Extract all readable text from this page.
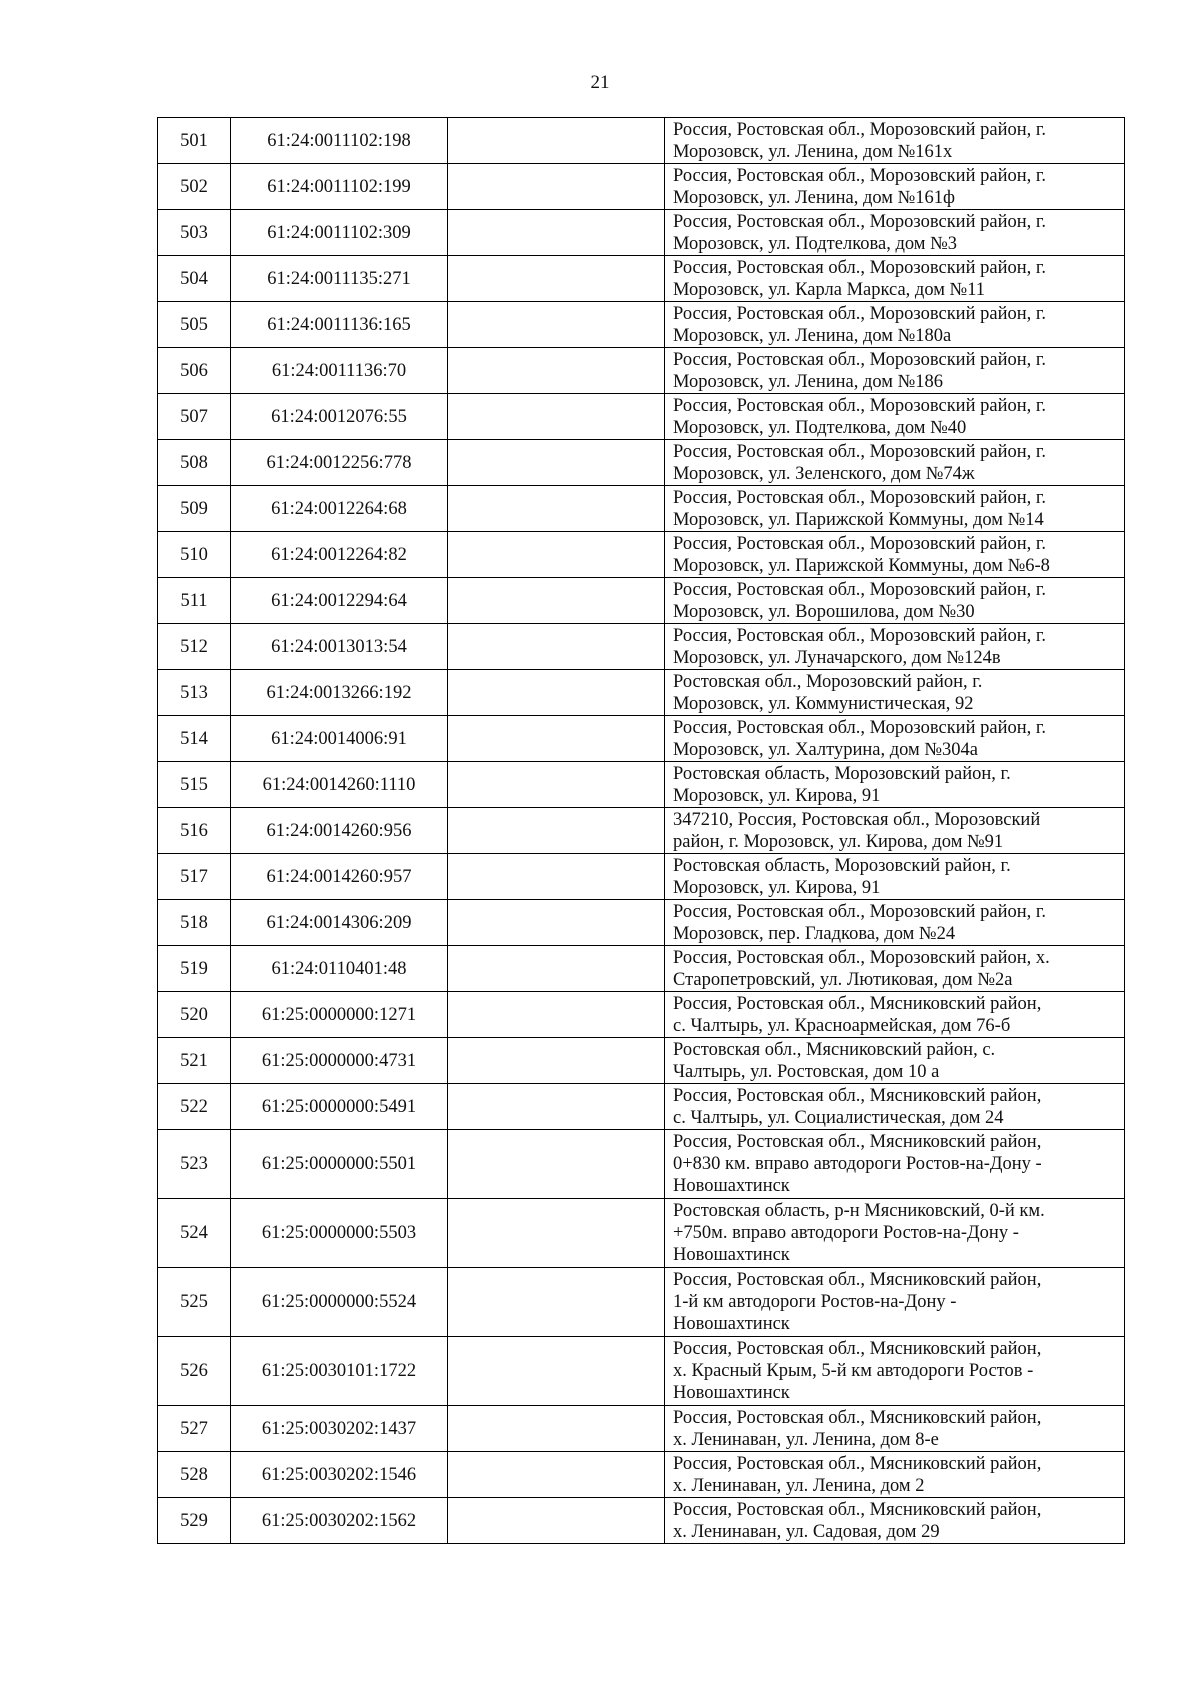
21
501	61:24:0011102:198		Россия, Ростовская обл., Морозовский район, г.
Морозовск, ул. Ленина, дом №161х

502	61:24:0011102:199		Россия, Ростовская обл., Морозовский район, г.
Морозовск, ул. Ленина, дом №161ф

503	61:24:0011102:309		Россия, Ростовская обл., Морозовский район, г.
Морозовск, ул. Подтелкова, дом №3

504	61:24:0011135:271		Россия, Ростовская обл., Морозовский район, г.
Морозовск, ул. Карла Маркса, дом №11

505	61:24:0011136:165		Россия, Ростовская обл., Морозовский район, г.
Морозовск, ул. Ленина, дом №180а

506	61:24:0011136:70		Россия, Ростовская обл., Морозовский район, г.
Морозовск, ул. Ленина, дом №186

507	61:24:0012076:55		Россия, Ростовская обл., Морозовский район, г.
Морозовск, ул. Подтелкова, дом №40

508	61:24:0012256:778		Россия, Ростовская обл., Морозовский район, г.
Морозовск, ул. Зеленского, дом №74ж

509	61:24:0012264:68		Россия, Ростовская обл., Морозовский район, г.
Морозовск, ул. Парижской Коммуны, дом №14

510	61:24:0012264:82		Россия, Ростовская обл., Морозовский район, г.
Морозовск, ул. Парижской Коммуны, дом №6-8

511	61:24:0012294:64		Россия, Ростовская обл., Морозовский район, г.
Морозовск, ул. Ворошилова, дом №30

512	61:24:0013013:54		Россия, Ростовская обл., Морозовский район, г.
Морозовск, ул. Луначарского, дом №124в

513	61:24:0013266:192		Ростовская обл., Морозовский район, г.
Морозовск, ул. Коммунистическая, 92

514	61:24:0014006:91		Россия, Ростовская обл., Морозовский район, г.
Морозовск, ул. Халтурина, дом №304а

515	61:24:0014260:1110		Ростовская область, Морозовский район, г.
Морозовск, ул. Кирова, 91

516	61:24:0014260:956		347210, Россия, Ростовская обл., Морозовский
район, г. Морозовск, ул. Кирова, дом №91

517	61:24:0014260:957		Ростовская область, Морозовский район, г.
Морозовск, ул. Кирова, 91

518	61:24:0014306:209		Россия, Ростовская обл., Морозовский район, г.
Морозовск, пер. Гладкова, дом №24

519	61:24:0110401:48		Россия, Ростовская обл., Морозовский район, х.
Старопетровский, ул. Лютиковая, дом №2а

520	61:25:0000000:1271		Россия, Ростовская обл., Мясниковский район,
с. Чалтырь, ул. Красноармейская, дом 76-б

521	61:25:0000000:4731		Ростовская обл., Мясниковский район, с.
Чалтырь, ул. Ростовская, дом 10 а

522	61:25:0000000:5491		Россия, Ростовская обл., Мясниковский район,
с. Чалтырь, ул. Социалистическая, дом 24

523	61:25:0000000:5501		Россия, Ростовская обл., Мясниковский район,
0+830 км. вправо автодороги Ростов-на-Дону -
Новошахтинск

524	61:25:0000000:5503		Ростовская область, р-н Мясниковский, 0-й км.
+750м. вправо автодороги Ростов-на-Дону -
Новошахтинск

525	61:25:0000000:5524		Россия, Ростовская обл., Мясниковский район,
1-й км автодороги Ростов-на-Дону -
Новошахтинск

526	61:25:0030101:1722		Россия, Ростовская обл., Мясниковский район,
х. Красный Крым, 5-й км автодороги Ростов -
Новошахтинск

527	61:25:0030202:1437		Россия, Ростовская обл., Мясниковский район,
х. Ленинаван, ул. Ленина, дом 8-е

528	61:25:0030202:1546		Россия, Ростовская обл., Мясниковский район,
х. Ленинаван, ул. Ленина, дом 2

529	61:25:0030202:1562		Россия, Ростовская обл., Мясниковский район,
х. Ленинаван, ул. Садовая, дом 29
